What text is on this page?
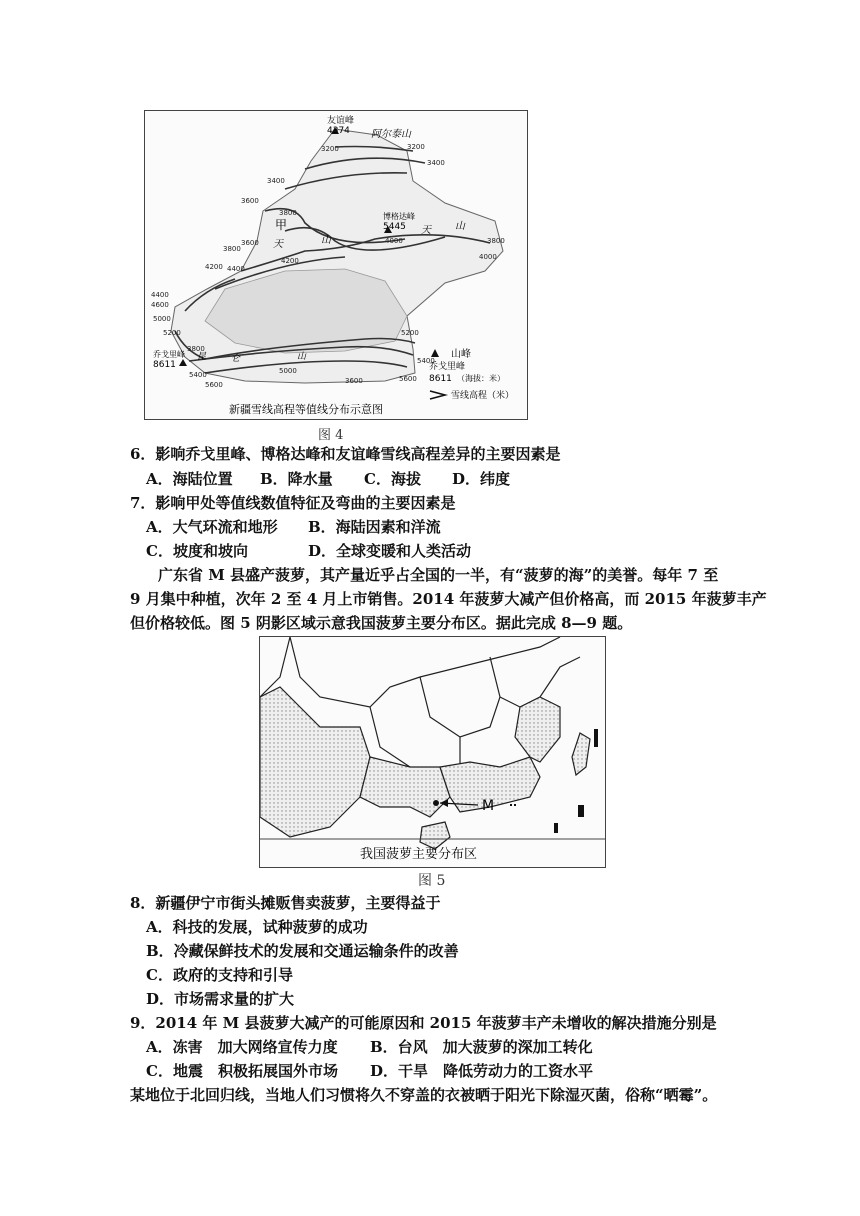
友谊峰
4374 阿尔泰山
博格达峰
5445
甲
天	山
天 山
乔戈里峰
8611
昆	仑	山
3200	3200
3400
3400
3600
3800
3600
3800
4000	3800
4000
4200 4400
4200
4400
4600
5000
5200
5400
5600
5000
5200
5400
3600	5600
3800	山峰
乔戈里峰
8611 （海拔：米）
雪线高程（米）
新疆雪线高程等值线分布示意图
图 4
6．影响乔戈里峰、博格达峰和友谊峰雪线高程差异的主要因素是
A．海陆位置 B．降水量 C．海拔 D．纬度
7．影响甲处等值线数值特征及弯曲的主要因素是
A．大气环流和地形 B．海陆因素和洋流
C．坡度和坡向	D．全球变暖和人类活动
广东省 M 县盛产菠萝，其产量近乎占全国的一半，有“菠萝的海”的美誉。每年 7 至
9 月集中种植，次年 2 至 4 月上市销售。2014 年菠萝大减产但价格高，而 2015 年菠萝丰产
但价格较低。图 5 阴影区域示意我国菠萝主要分布区。据此完成 8—9 题。
M
我国菠萝主要分布区
图 5
8．新疆伊宁市街头摊贩售卖菠萝，主要得益于
A．科技的发展，试种菠萝的成功
B．冷藏保鲜技术的发展和交通运输条件的改善
C．政府的支持和引导
D．市场需求量的扩大
9．2014 年 M 县菠萝大减产的可能原因和 2015 年菠萝丰产未增收的解决措施分别是
A．冻害　加大网络宣传力度 B．台风　加大菠萝的深加工转化
C．地震　积极拓展国外市场 D．干旱　降低劳动力的工资水平
某地位于北回归线，当地人们习惯将久不穿盖的衣被晒于阳光下除湿灭菌，俗称“晒霉”。
